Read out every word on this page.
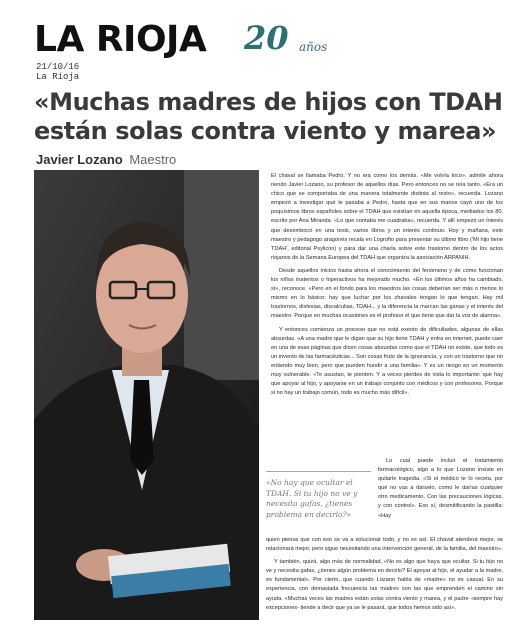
LA RIOJA 20 años
21/10/16
La Rioja
«Muchas madres de hijos con TDAH están solas contra viento y marea»
Javier Lozano Maestro

El chaval se llamaba Pedro. Y no era como los demás. «Me volvía loco», admite ahora riendo Javier Lozano, su profesor de aquellos días. Pero entonces no se reía tanto. «Era un chico que se comportaba de una manera totalmente distinta al resto», recuerda. Lozano empezó a investigar qué le pasaba a Pedro, hasta que en sus manos cayó uno de los poquísimos libros españoles sobre el TDAH que existían en aquella época, mediados los 80, escrito por Ana Miranda. «Lo que contaba me cuadraba», recuerda. Y allí empezó un interés que desembocó en una tesis, varios libros y un interés continuo. Hoy y mañana, este maestro y pedagogo aragonés recala en Logroño para presentar su último libro ('Mi hijo tiene TDAH', editorial Psylicon) y para dar una charla sobre este trastorno dentro de los actos riojanos de la Semana Europea del TDAH que organiza la asociación ARPANIH.

Desde aquellos inicios hasta ahora el conocimiento del fenómeno y de cómo funcionan los niños inatentos o hiperactivos ha mejorado mucho. «En los últimos años ha cambiado, sí», reconoce. «Pero en el fondo para los maestros las cosas deberían ser más o menos lo mismo en lo básico: hay que luchar por los chavales tengan lo que tengan. Hay mil trastornos, dislexias, discalculias, TDAH... y la diferencia la marcan las ganas y el interés del maestro. Porque en muchas ocasiones es el profesor el que tiene que dar la voz de alarma».

Y entonces comienza un proceso que no está exento de dificultades, algunas de ellas absurdas. «A una madre que le digan que su hijo tiene TDAH y entra en internet, puede caer en una de esas páginas que dicen cosas absurdas como que el TDAH no existe, que todo es un invento de las farmacéuticas... Son cosas fruto de la ignorancia, y con un trastorno que no entiendo muy bien, pero que pueden hundir a una familia». Y es un riesgo en un momento muy vulnerable. «Te asustan, te pierden. Y a veces pierdes de vista lo importante: que hay que apoyar al hijo, y apoyarse en un trabajo conjunto con médicos y con profesores. Porque si no hay un trabajo común, todo es mucho más difícil».

«No hay que ocultar el TDAH. Si tu hijo no ve y necesita gafas, ¿tienes problema en decirlo?»

Lo cual puede incluir el tratamiento farmacológico, algo a lo que Lozano insiste en quitarle tragedia. «Si el médico te lo receta, por qué no vas a dárselo, como le darías cualquier otro medicamento. Con las precauciones lógicas, y con control». Eso sí, desmitificando la pastilla: «Hay

quien piensa que con eso se va a solucionar todo, y no es así. El chaval atenderá mejor, se relacionará mejor, pero sigue necesitando una intervención general, de la familia, del maestro».

Y también, quizá, algo más de normalidad. «No es algo que haya que ocultar. Si tu hijo no ve y necesita gafas, ¿tienes algún problema en decirlo? El apoyar al hijo, el ayudar a la madre, es fundamental». Por cierto, que cuando Lozano habla de «madre» no es casual. En su experiencia, con demasiada frecuencia las madres son las que emprenden el camino sin ayuda. «Muchas veces las madres están solas contra viento y marea, y el padre -siempre hay excepciones- tiende a decir que ya se le pasará, que todos hemos sido así».
